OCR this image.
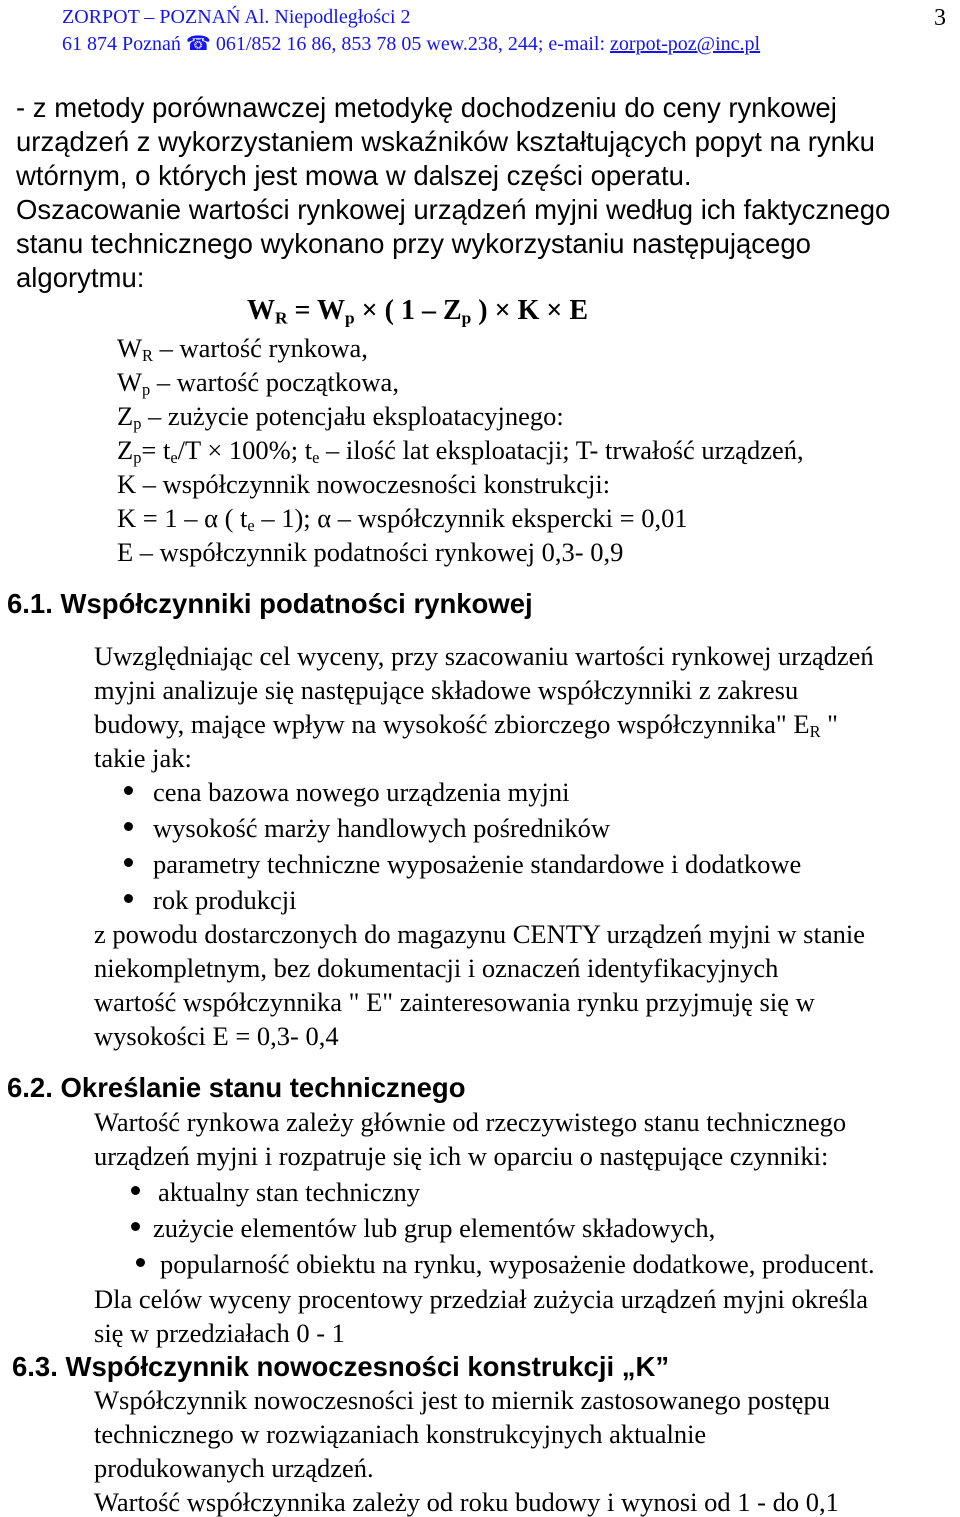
ZORPOT – POZNAŃ Al. Niepodległości 2
61 874 Poznań ☎ 061/852 16 86, 853 78 05 wew.238, 244; e-mail: zorpot-poz@inc.pl
3
- z metody porównawczej metodykę dochodzeniu do ceny rynkowej
urządzeń z wykorzystaniem wskaźników kształtujących popyt na rynku
wtórnym, o których jest mowa w dalszej części operatu.
Oszacowanie wartości rynkowej urządzeń myjni według ich faktycznego
stanu technicznego wykonano przy wykorzystaniu następującego
algorytmu:
$W_R = W_p$ × ( $1 - Z_p$ ) × K × E
$W_R$ – wartość rynkowa,
$W_p$ – wartość początkowa,
$Z_p$ – zużycie potencjału eksploatacyjnego:
$Z_p= t_e/T \times 100\%$; $t_e$ – ilość lat eksploatacji; T- trwałość urządzeń,
K – współczynnik nowoczesności konstrukcji:
K = 1 – α ( $t_e - 1$); α – współczynnik ekspercki = 0,01
E – współczynnik podatności rynkowej 0,3- 0,9
6.1. Współczynniki podatności rynkowej
Uwzględniając cel wyceny, przy szacowaniu wartości rynkowej urządzeń
myjni analizuje się następujące składowe współczynniki z zakresu
budowy, mające wpływ na wysokość zbiorczego współczynnika" $E_R$ "
takie jak:
cena bazowa nowego urządzenia myjni
wysokość marży handlowych pośredników
parametry techniczne wyposażenie standardowe i dodatkowe
rok produkcji
z powodu dostarczonych do magazynu CENTY urządzeń myjni w stanie
niekompletnym, bez dokumentacji i oznaczeń identyfikacyjnych
wartość współczynnika " E" zainteresowania rynku przyjmuję się w
wysokości E = 0,3- 0,4
6.2. Określanie stanu technicznego
Wartość rynkowa zależy głównie od rzeczywistego stanu technicznego
urządzeń myjni i rozpatruje się ich w oparciu o następujące czynniki:
aktualny stan techniczny
zużycie elementów lub grup elementów składowych,
popularność obiektu na rynku, wyposażenie dodatkowe, producent.
Dla celów wyceny procentowy przedział zużycia urządzeń myjni określa
się w przedziałach 0 - 1
6.3. Współczynnik nowoczesności konstrukcji „K”
Współczynnik nowoczesności jest to miernik zastosowanego postępu
technicznego w rozwiązaniach konstrukcyjnych aktualnie
produkowanych urządzeń.
Wartość współczynnika zależy od roku budowy i wynosi od 1 - do 0,1
